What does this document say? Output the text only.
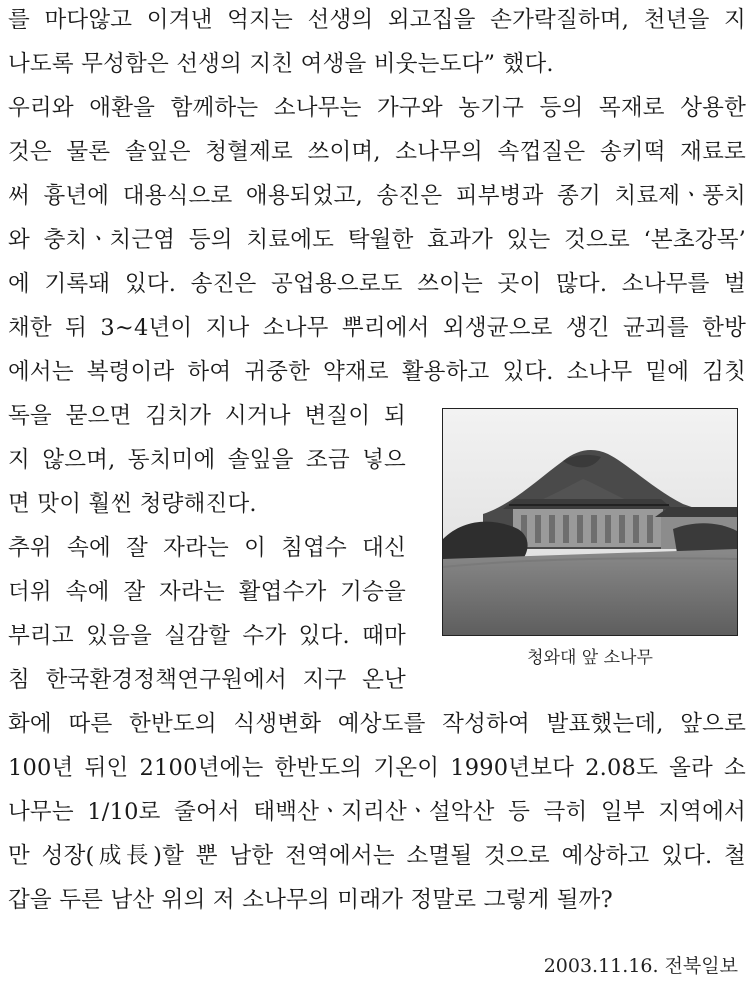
를 마다않고 이겨낸 억지는 선생의 외고집을 손가락질하며, 천년을 지
나도록 무성함은 선생의 지친 여생을 비웃는도다” 했다.
우리와 애환을 함께하는 소나무는 가구와 농기구 등의 목재로 상용한
것은 물론 솔잎은 청혈제로 쓰이며, 소나무의 속껍질은 송키떡 재료로
써 흉년에 대용식으로 애용되었고, 송진은 피부병과 종기 치료제ㆍ풍치
와 충치ㆍ치근염 등의 치료에도 탁월한 효과가 있는 것으로 ‘본초강목’
에 기록돼 있다. 송진은 공업용으로도 쓰이는 곳이 많다. 소나무를 벌
채한 뒤 3~4년이 지나 소나무 뿌리에서 외생균으로 생긴 균괴를 한방
에서는 복령이라 하여 귀중한 약재로 활용하고 있다. 소나무 밑에 김칫
독을 묻으면 김치가 시거나 변질이 되
지 않으며, 동치미에 솔잎을 조금 넣으
면 맛이 훨씬 청량해진다.
추위 속에 잘 자라는 이 침엽수 대신
더위 속에 잘 자라는 활엽수가 기승을
부리고 있음을 실감할 수가 있다. 때마
침 한국환경정책연구원에서 지구 온난
화에 따른 한반도의 식생변화 예상도를 작성하여 발표했는데, 앞으로
100년 뒤인 2100년에는 한반도의 기온이 1990년보다 2.08도 올라 소
나무는 1/10로 줄어서 태백산ㆍ지리산ㆍ설악산 등 극히 일부 지역에서
만 성장(成長)할 뿐 남한 전역에서는 소멸될 것으로 예상하고 있다. 철
갑을 두른 남산 위의 저 소나무의 미래가 정말로 그렇게 될까?
청와대 앞 소나무
2003.11.16. 전북일보
